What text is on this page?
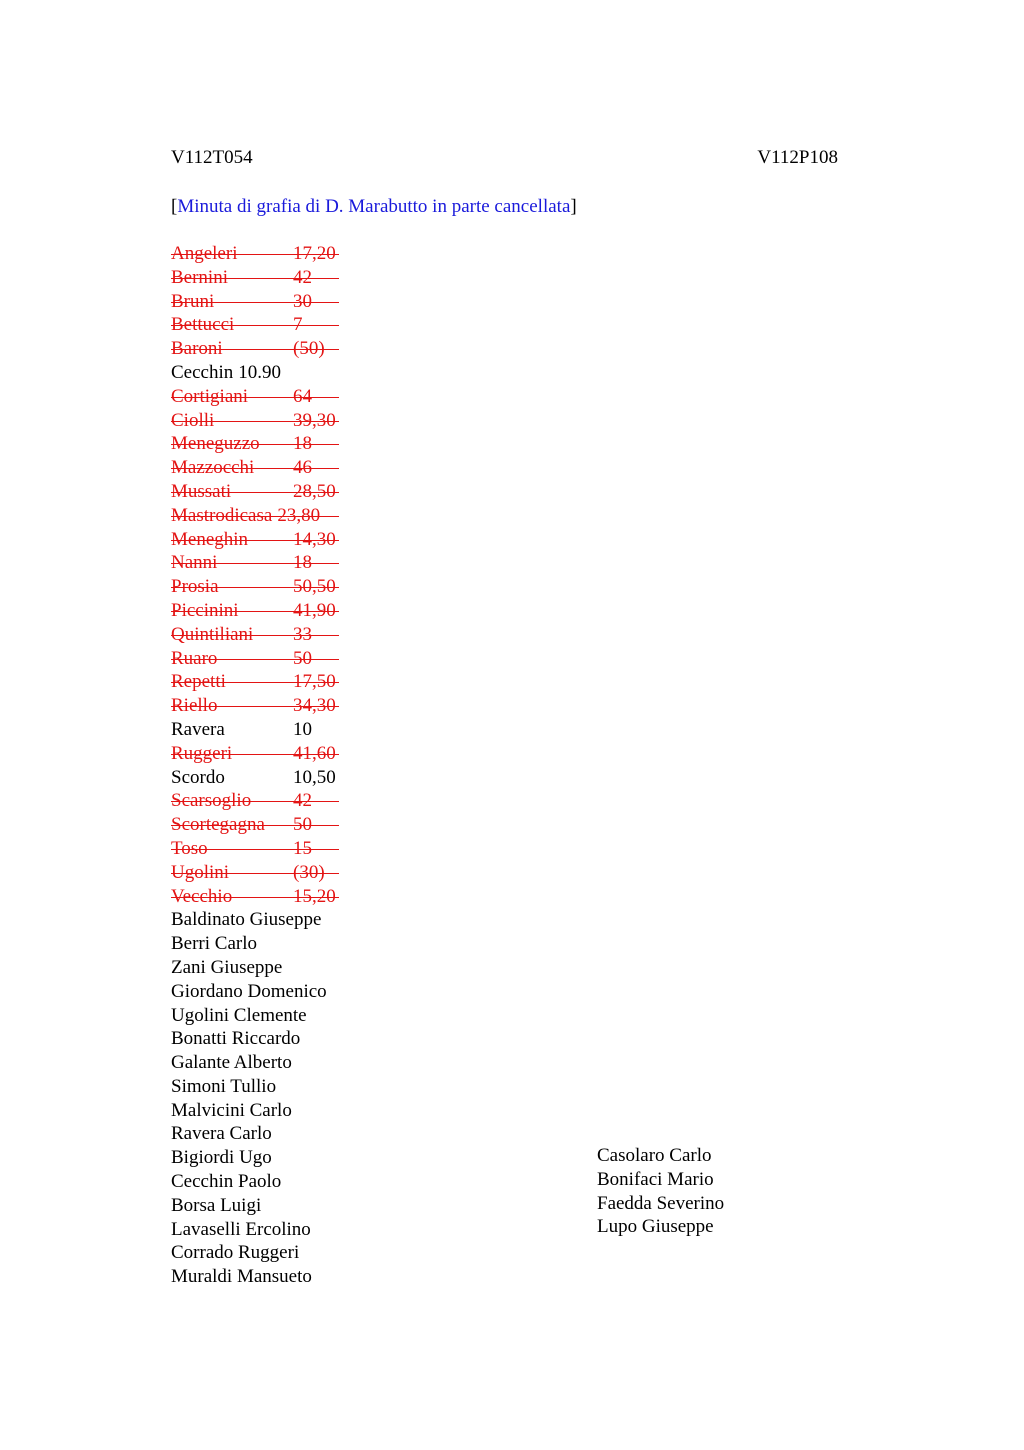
V112T054	V112P108
[Minuta di grafia di D. Marabutto in parte cancellata]
Angeleri	17,20
Bernini	42
Bruni	30
Bettucci	7
Baroni	(50)
Cecchin 10.90
Cortigiani 64
Ciolli	39,30
Meneguzzo 18
Mazzocchi 46
Mussati	28,50
Mastrodicasa 23,80
Meneghin 14,30
Nanni	18
Prosia	50,50
Piccinini	41,90
Quintiliani 33
Ruaro	50
Repetti	17,50
Riello	34,30
Ravera	10
Ruggeri	41,60
Scordo	10,50
Scarsoglio 42
Scortegagna 50
Toso	15
Ugolini	(30)
Vecchio	15,20
Baldinato Giuseppe
Berri Carlo
Zani Giuseppe
Giordano Domenico
Ugolini Clemente
Bonatti Riccardo
Galante Alberto
Simoni Tullio
Malvicini Carlo
Ravera Carlo
Bigiordi Ugo
Cecchin Paolo
Borsa Luigi
Lavaselli Ercolino
Corrado Ruggeri
Muraldi Mansueto
Casolaro Carlo
Bonifaci Mario
Faedda Severino
Lupo Giuseppe
